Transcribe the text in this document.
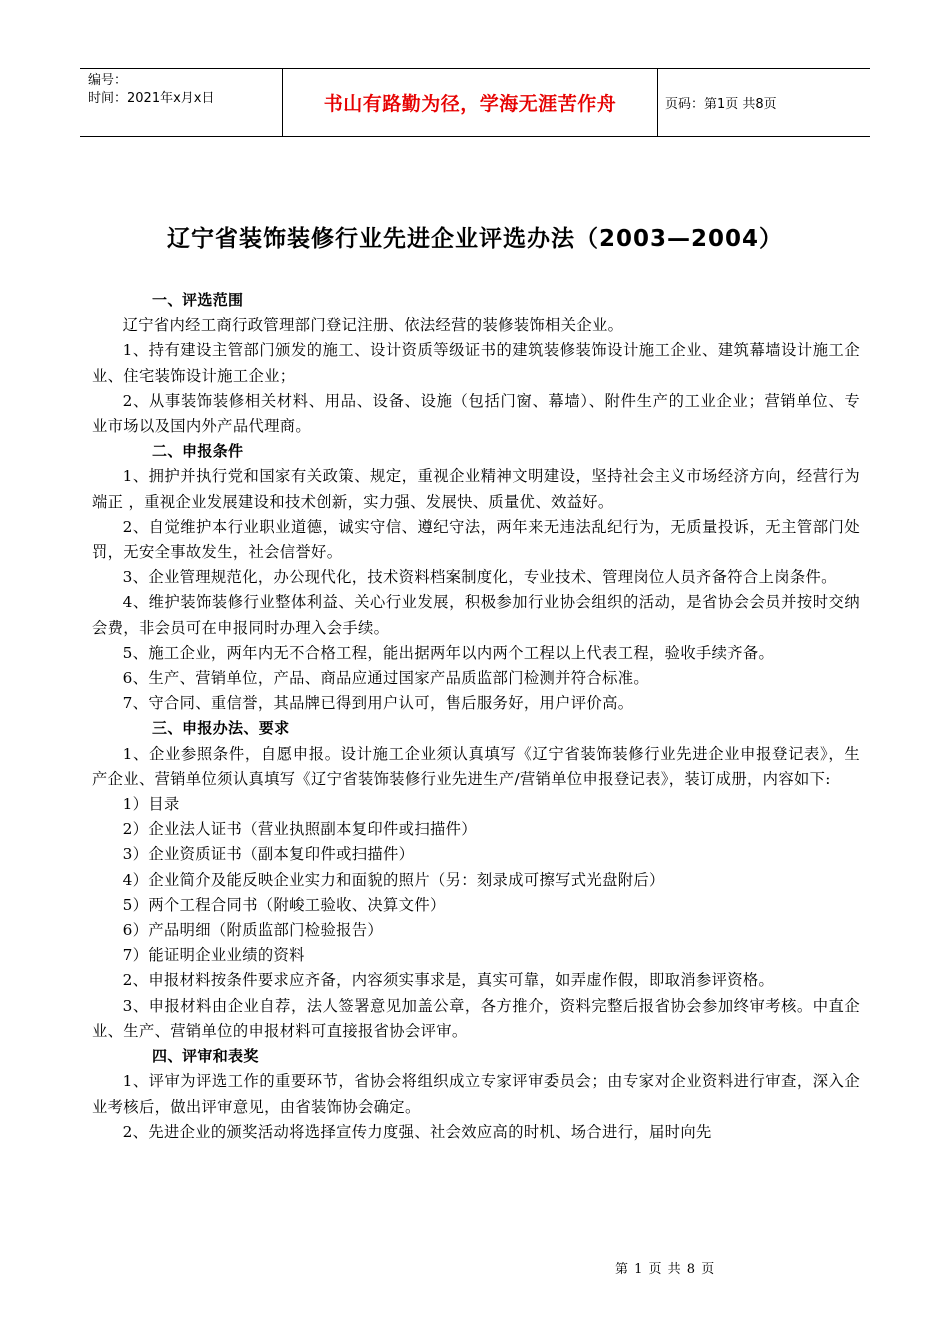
编号：
时间：2021年x月x日	书山有路勤为径，学海无涯苦作舟	页码：第1页 共8页
辽宁省装饰装修行业先进企业评选办法（2003—2004）

一、评选范围

辽宁省内经工商行政管理部门登记注册、依法经营的装修装饰相关企业。

1、持有建设主管部门颁发的施工、设计资质等级证书的建筑装修装饰设计施工企业、建筑幕墙设计施工企业、住宅装饰设计施工企业；

2、从事装饰装修相关材料、用品、设备、设施（包括门窗、幕墙）、附件生产的工业企业；营销单位、专业市场以及国内外产品代理商。

二、申报条件

1、拥护并执行党和国家有关政策、规定，重视企业精神文明建设，坚持社会主义市场经济方向，经营行为端正 ，重视企业发展建设和技术创新，实力强、发展快、质量优、效益好。

2、自觉维护本行业职业道德，诚实守信、遵纪守法，两年来无违法乱纪行为，无质量投诉，无主管部门处罚，无安全事故发生，社会信誉好。

3、企业管理规范化，办公现代化，技术资料档案制度化，专业技术、管理岗位人员齐备符合上岗条件。

4、维护装饰装修行业整体利益、关心行业发展，积极参加行业协会组织的活动，是省协会会员并按时交纳会费，非会员可在申报同时办理入会手续。

5、施工企业，两年内无不合格工程，能出据两年以内两个工程以上代表工程，验收手续齐备。

6、生产、营销单位，产品、商品应通过国家产品质监部门检测并符合标准。

7、守合同、重信誉，其品牌已得到用户认可，售后服务好，用户评价高。

三、申报办法、要求

1、企业参照条件，自愿申报。设计施工企业须认真填写《辽宁省装饰装修行业先进企业申报登记表》，生产企业、营销单位须认真填写《辽宁省装饰装修行业先进生产/营销单位申报登记表》，装订成册，内容如下:

1）目录

2）企业法人证书（营业执照副本复印件或扫描件）

3）企业资质证书（副本复印件或扫描件）

4）企业简介及能反映企业实力和面貌的照片（另：刻录成可擦写式光盘附后）

5）两个工程合同书（附峻工验收、决算文件）

6）产品明细（附质监部门检验报告）

7）能证明企业业绩的资料

2、申报材料按条件要求应齐备，内容须实事求是，真实可靠，如弄虚作假，即取消参评资格。

3、申报材料由企业自荐，法人签署意见加盖公章，各方推介，资料完整后报省协会参加终审考核。中直企业、生产、营销单位的申报材料可直接报省协会评审。

四、评审和表奖

1、评审为评选工作的重要环节，省协会将组织成立专家评审委员会；由专家对企业资料进行审查，深入企业考核后，做出评审意见，由省装饰协会确定。

2、先进企业的颁奖活动将选择宣传力度强、社会效应高的时机、场合进行，届时向先

第 1 页 共 8 页
